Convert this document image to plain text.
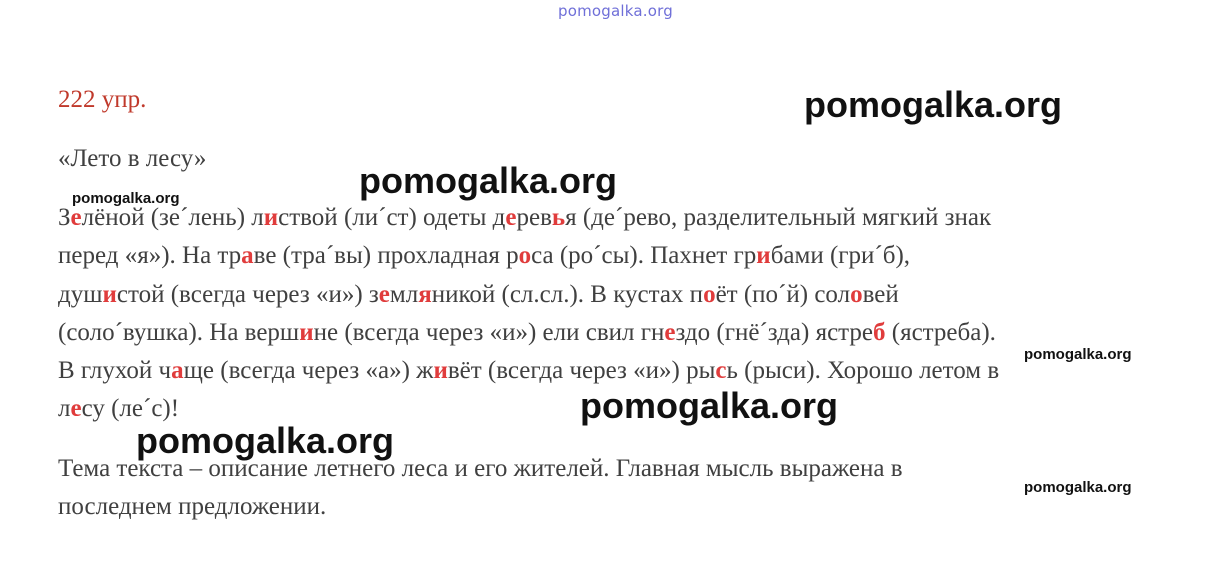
pomogalka.org
222 упр.
«Лето в лесу»
Зелёной (зе´лень) листвой (ли´ст) одеты деревья (де´рево, разделительный мягкий знак
перед «я»). На траве (тра´вы) прохладная роса (ро´сы). Пахнет грибами (гри´б),
душистой (всегда через «и») земляникой (сл.сл.). В кустах поёт (по´й) соловей
(соло´вушка). На вершине (всегда через «и») ели свил гнездо (гнё´зда) ястреб (ястреба).
В глухой чаще (всегда через «а») живёт (всегда через «и») рысь (рыси). Хорошо летом в
лесу (ле´с)!
Тема текста – описание летнего леса и его жителей. Главная мысль выражена в
последнем предложении.
pomogalka.org
pomogalka.org
pomogalka.org
pomogalka.org
pomogalka.org
pomogalka.org
pomogalka.org
